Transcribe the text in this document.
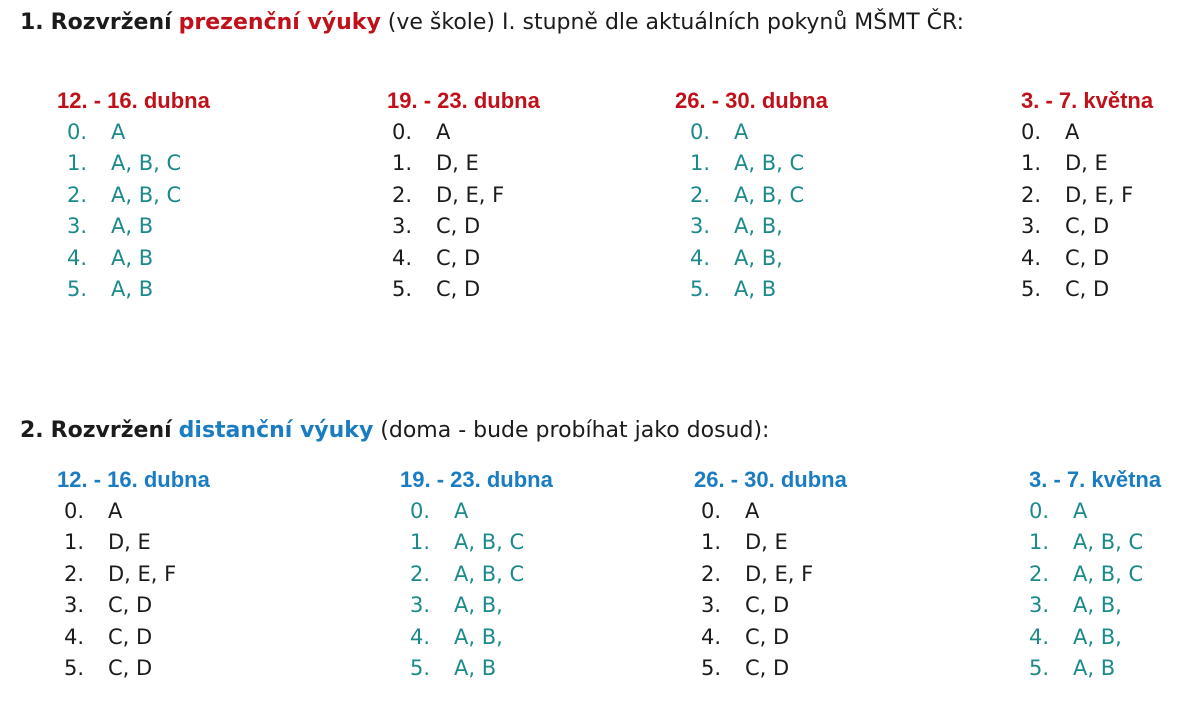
1. Rozvržení prezenční výuky (ve škole) I. stupně dle aktuálních pokynů MŠMT ČR:
2. Rozvržení distanční výuky (doma - bude probíhat jako dosud):
12. - 16. dubna
0.	A
1.	A, B, C
2.	A, B, C
3.	A, B
4.	A, B
5.	A, B
19. - 23. dubna
0.	A
1.	D, E
2.	D, E, F
3.	C, D
4.	C, D
5.	C, D
26. - 30. dubna
0.	A
1.	A, B, C
2.	A, B, C
3.	A, B,
4.	A, B,
5.	A, B
3. - 7. května
0.	A
1.	D, E
2.	D, E, F
3.	C, D
4.	C, D
5.	C, D
12. - 16. dubna
0.	A
1.	D, E
2.	D, E, F
3.	C, D
4.	C, D
5.	C, D
19. - 23. dubna
0.	A
1.	A, B, C
2.	A, B, C
3.	A, B,
4.	A, B,
5.	A, B
26. - 30. dubna
0.	A
1.	D, E
2.	D, E, F
3.	C, D
4.	C, D
5.	C, D
3. - 7. května
0.	A
1.	A, B, C
2.	A, B, C
3.	A, B,
4.	A, B,
5.	A, B
